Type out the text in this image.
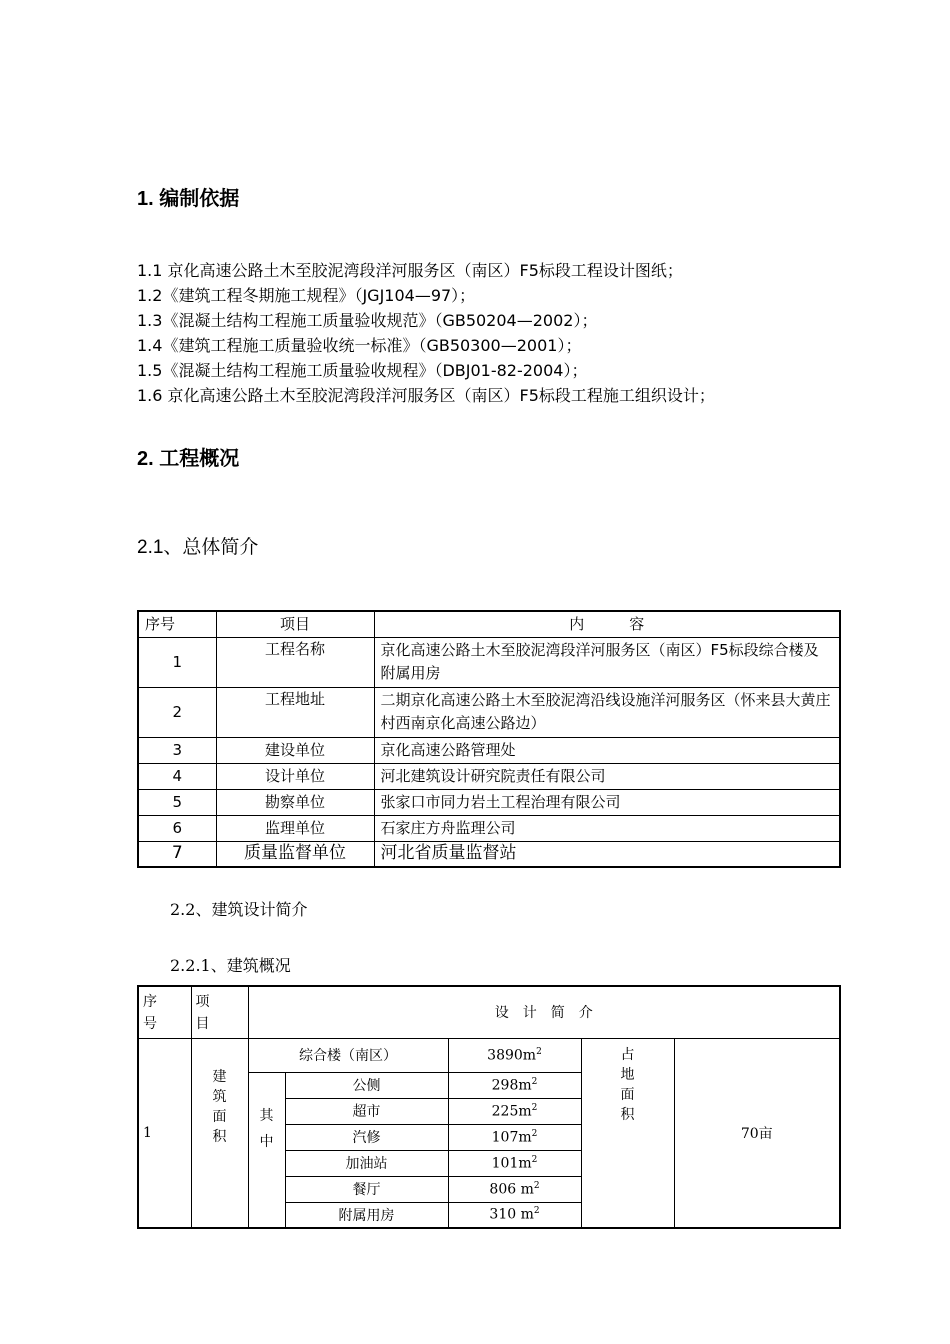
1. 编制依据
1.1 京化高速公路土木至胶泥湾段洋河服务区（南区）F5标段工程设计图纸；
1.2《建筑工程冬期施工规程》（JGJ104—97）；
1.3《混凝土结构工程施工质量验收规范》（GB50204—2002）；
1.4《建筑工程施工质量验收统一标准》（GB50300—2001）；
1.5《混凝土结构工程施工质量验收规程》（DBJ01-82-2004）；
1.6 京化高速公路土木至胶泥湾段洋河服务区（南区）F5标段工程施工组织设计；
2. 工程概况
2.1、总体简介
序号	项目	内　　　容
1	工程名称	京化高速公路土木至胶泥湾段洋河服务区（南区）F5标段综合楼及附属用房
2	工程地址	二期京化高速公路土木至胶泥湾沿线设施洋河服务区（怀来县大黄庄村西南京化高速公路边）
3	建设单位	京化高速公路管理处
4	设计单位	河北建筑设计研究院责任有限公司
5	勘察单位	张家口市同力岩土工程治理有限公司
6	监理单位	石家庄方舟监理公司
7	质量监督单位	河北省质量监督站
2.2、建筑设计简介
2.2.1、建筑概况
序号	项目	设　计　简　介				
1	建筑面积	综合楼（南区）		$3890m^2$	占地面积	70亩

		其中	公侧	$298m^2$
			超市	$225m^2$
			汽修	$107m^2$
			加油站	$101m^2$
			餐厅	806 $m^2$
			附属用房	310 $m^2$
